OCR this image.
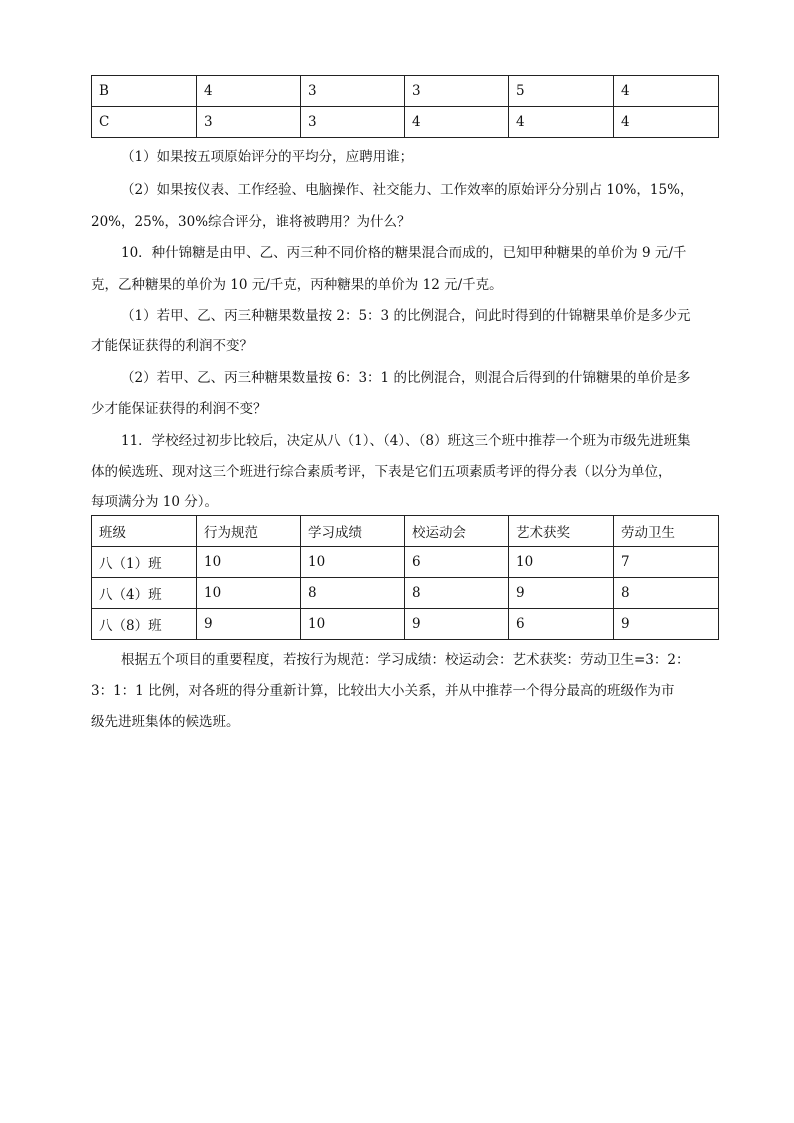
B	4	3	3	5	4
C	3	3	4	4	4

（1）如果按五项原始评分的平均分，应聘用谁；

（2）如果按仪表、工作经验、电脑操作、社交能力、工作效率的原始评分分别占 10%，15%，

20%，25%，30%综合评分，谁将被聘用？为什么？

10．种什锦糖是由甲、乙、丙三种不同价格的糖果混合而成的，已知甲种糖果的单价为 9 元/千

克，乙种糖果的单价为 10 元/千克，丙种糖果的单价为 12 元/千克。

（1）若甲、乙、丙三种糖果数量按 2：5：3 的比例混合，问此时得到的什锦糖果单价是多少元

才能保证获得的利润不变？

（2）若甲、乙、丙三种糖果数量按 6：3：1 的比例混合，则混合后得到的什锦糖果的单价是多

少才能保证获得的利润不变？

11．学校经过初步比较后，决定从八（1）、（4）、（8）班这三个班中推荐一个班为市级先进班集

体的候选班、现对这三个班进行综合素质考评，下表是它们五项素质考评的得分表（以分为单位，

每项满分为 10 分）。

班级	行为规范	学习成绩	校运动会	艺术获奖	劳动卫生
八（1）班	10	10	6	10	7
八（4）班	10	8	8	9	8
八（8）班	9	10	9	6	9

根据五个项目的重要程度，若按行为规范：学习成绩：校运动会：艺术获奖：劳动卫生=3：2：

3：1：1 比例，对各班的得分重新计算，比较出大小关系，并从中推荐一个得分最高的班级作为市

级先进班集体的候选班。
